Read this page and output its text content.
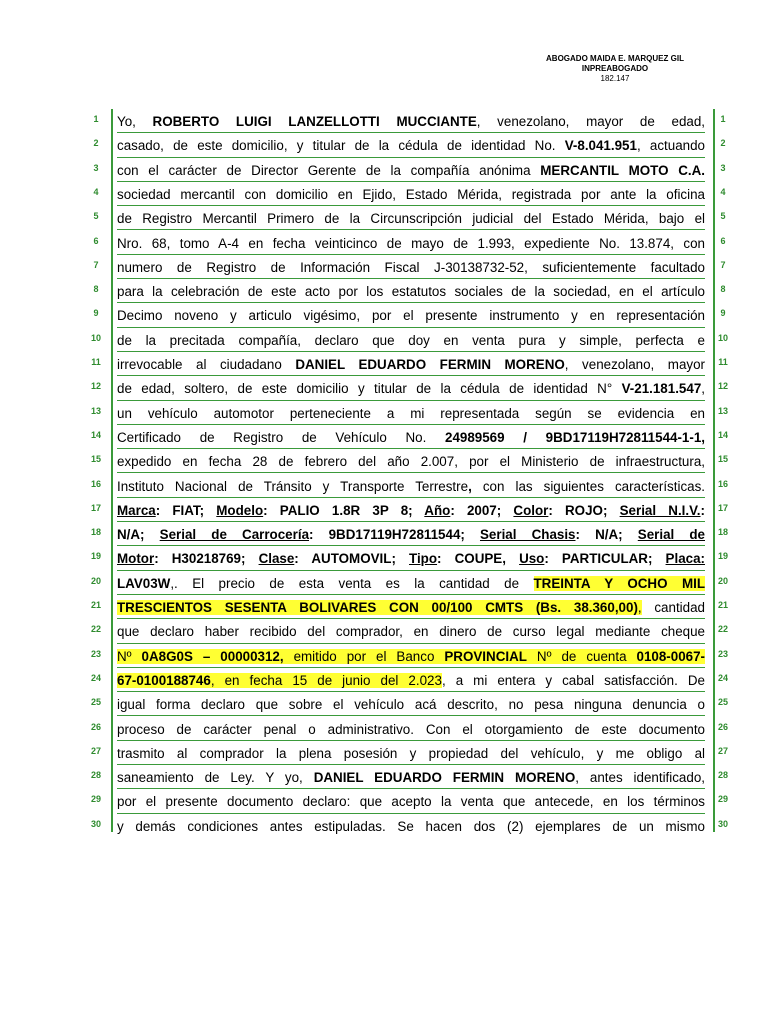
ABOGADO MAIDA E. MARQUEZ GIL
INPREABOGADO
182.147
Yo, ROBERTO LUIGI LANZELLOTTI MUCCIANTE, venezolano, mayor de edad,
1	1
casado, de este domicilio, y titular de la cédula de identidad No. V-8.041.951, actuando
2	2
con el carácter de Director Gerente de la compañía anónima MERCANTIL MOTO C.A.
3	3
sociedad mercantil con domicilio en Ejido, Estado Mérida, registrada por ante la oficina
4	4
de Registro Mercantil Primero de la Circunscripción judicial del Estado Mérida, bajo el
5	5
Nro. 68, tomo A-4 en fecha veinticinco de mayo de 1.993, expediente No. 13.874, con
6	6
numero de Registro de Información Fiscal J-30138732-52, suficientemente facultado
7	7
para la celebración de este acto por los estatutos sociales de la sociedad, en el artículo
8	8
Decimo noveno y articulo vigésimo, por el presente instrumento y en representación
9	9
de la precitada compañía, declaro que doy en venta pura y simple, perfecta e
10	10
irrevocable al ciudadano DANIEL EDUARDO FERMIN MORENO, venezolano, mayor
11	11
de edad, soltero, de este domicilio y titular de la cédula de identidad N° V-21.181.547,
12	12
un vehículo automotor perteneciente a mi representada según se evidencia en
13	13
Certificado de Registro de Vehículo No. 24989569 / 9BD17119H72811544-1-1,
14	14
expedido en fecha 28 de febrero del año 2.007, por el Ministerio de infraestructura,
15	15
Instituto Nacional de Tránsito y Transporte Terrestre, con las siguientes características.
16	16
Marca: FIAT; Modelo: PALIO 1.8R 3P 8; Año: 2007; Color: ROJO; Serial N.I.V.:
17	17
N/A; Serial de Carrocería: 9BD17119H72811544; Serial Chasis: N/A; Serial de
18	18
Motor: H30218769; Clase: AUTOMOVIL; Tipo: COUPE, Uso: PARTICULAR; Placa:
19	19
LAV03W,. El precio de esta venta es la cantidad de TREINTA Y OCHO MIL
20	20
TRESCIENTOS SESENTA BOLIVARES CON 00/100 CMTS (Bs. 38.360,00), cantidad
21	21
que declaro haber recibido del comprador, en dinero de curso legal mediante cheque
22	22
Nº 0A8G0S – 00000312, emitido por el Banco PROVINCIAL Nº de cuenta 0108-0067-
23	23
67-0100188746, en fecha 15 de junio del 2.023, a mi entera y cabal satisfacción. De
24	24
igual forma declaro que sobre el vehículo acá descrito, no pesa ninguna denuncia o
25	25
proceso de carácter penal o administrativo. Con el otorgamiento de este documento
26	26
trasmito al comprador la plena posesión y propiedad del vehículo, y me obligo al
27	27
saneamiento de Ley. Y yo, DANIEL EDUARDO FERMIN MORENO, antes identificado,
28	28
por el presente documento declaro: que acepto la venta que antecede, en los términos
29	29
y demás condiciones antes estipuladas. Se hacen dos (2) ejemplares de un mismo
30	30
